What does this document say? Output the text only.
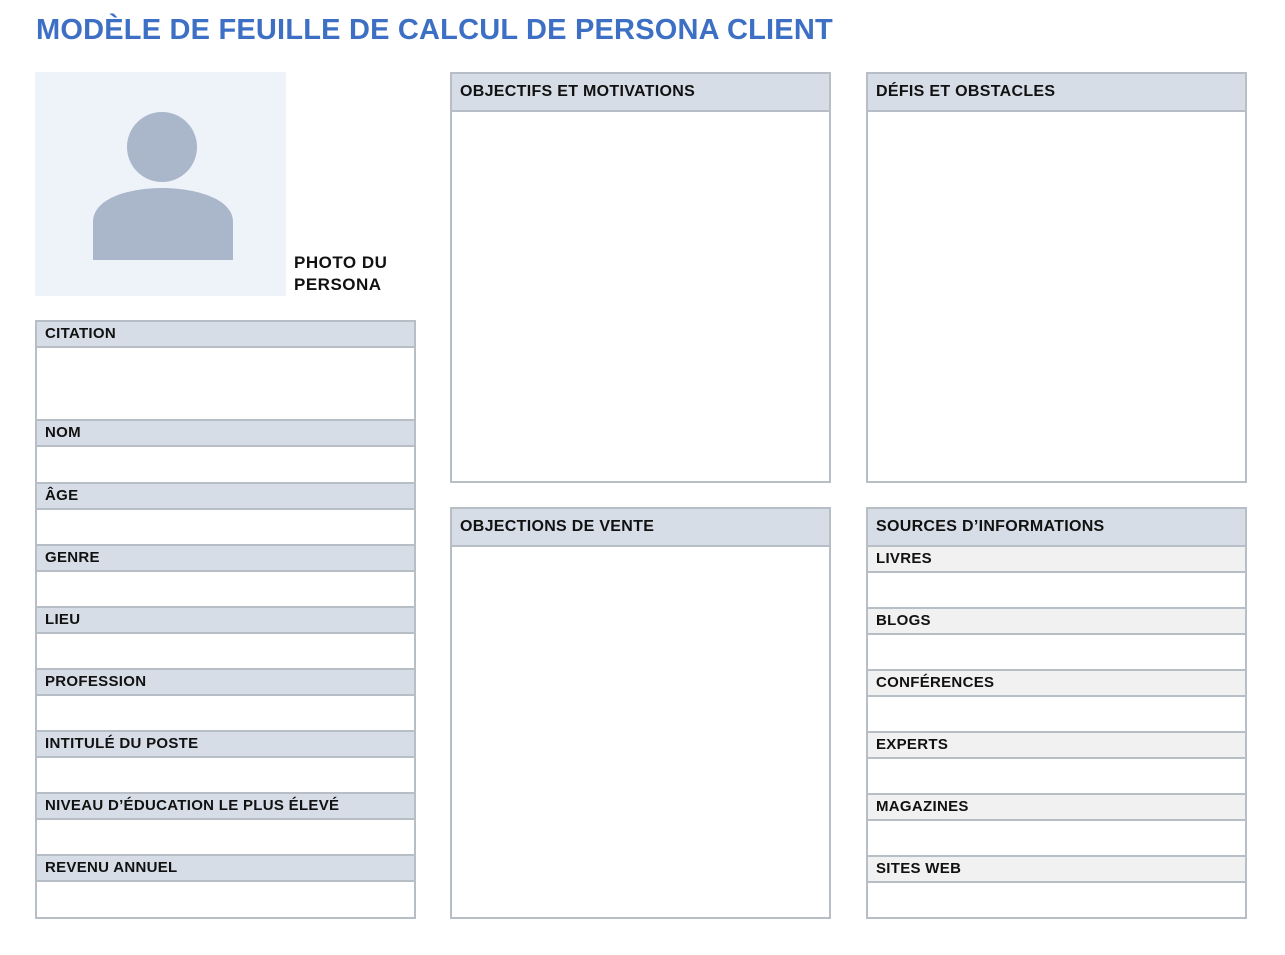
MODÈLE DE FEUILLE DE CALCUL DE PERSONA CLIENT
PHOTO DU PERSONA
CITATION
NOM
ÂGE
GENRE
LIEU
PROFESSION
INTITULÉ DU POSTE
NIVEAU D’ÉDUCATION LE PLUS ÉLEVÉ
REVENU ANNUEL
OBJECTIFS ET MOTIVATIONS
OBJECTIONS DE VENTE
DÉFIS ET OBSTACLES
SOURCES D’INFORMATIONS
LIVRES
BLOGS
CONFÉRENCES
EXPERTS
MAGAZINES
SITES WEB
